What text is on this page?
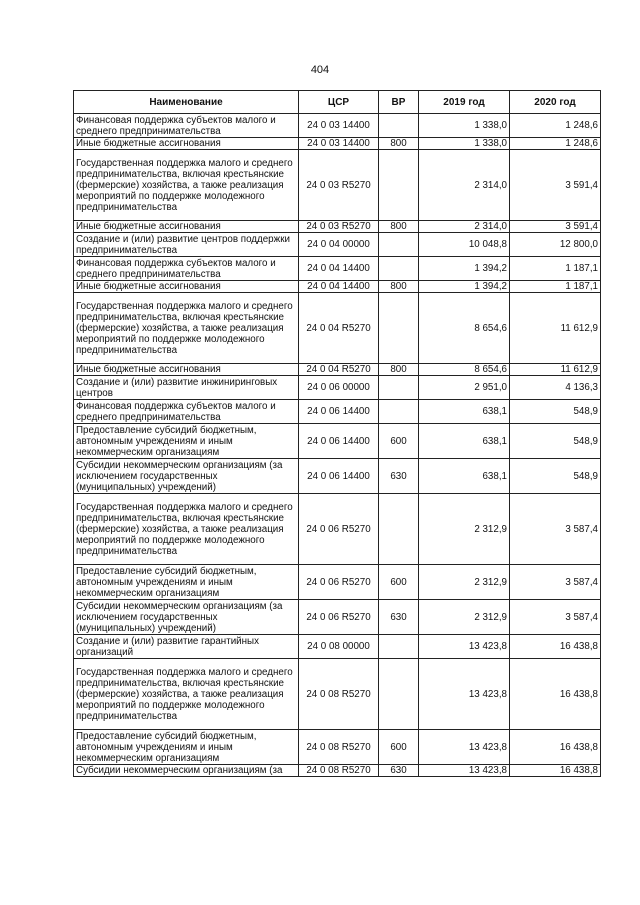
404
Наименование	ЦСР	ВР	2019 год	2020 год
Финансовая поддержка субъектов малого и среднего предпринимательства	24 0 03 14400		1 338,0	1 248,6
Иные бюджетные ассигнования	24 0 03 14400	800	1 338,0	1 248,6
Государственная поддержка малого и среднего предпринимательства, включая крестьянские (фермерские) хозяйства, а также реализация мероприятий по поддержке молодежного предпринимательства	24 0 03 R5270		2 314,0	3 591,4
Иные бюджетные ассигнования	24 0 03 R5270	800	2 314,0	3 591,4
Создание и (или) развитие центров поддержки предпринимательства	24 0 04 00000		10 048,8	12 800,0
Финансовая поддержка субъектов малого и среднего предпринимательства	24 0 04 14400		1 394,2	1 187,1
Иные бюджетные ассигнования	24 0 04 14400	800	1 394,2	1 187,1
Государственная поддержка малого и среднего предпринимательства, включая крестьянские (фермерские) хозяйства, а также реализация мероприятий по поддержке молодежного предпринимательства	24 0 04 R5270		8 654,6	11 612,9
Иные бюджетные ассигнования	24 0 04 R5270	800	8 654,6	11 612,9
Создание и (или) развитие инжиниринговых центров	24 0 06 00000		2 951,0	4 136,3
Финансовая поддержка субъектов малого и среднего предпринимательства	24 0 06 14400		638,1	548,9
Предоставление субсидий бюджетным, автономным учреждениям и иным некоммерческим организациям	24 0 06 14400	600	638,1	548,9
Субсидии некоммерческим организациям (за исключением государственных (муниципальных) учреждений)	24 0 06 14400	630	638,1	548,9
Государственная поддержка малого и среднего предпринимательства, включая крестьянские (фермерские) хозяйства, а также реализация мероприятий по поддержке молодежного предпринимательства	24 0 06 R5270		2 312,9	3 587,4
Предоставление субсидий бюджетным, автономным учреждениям и иным некоммерческим организациям	24 0 06 R5270	600	2 312,9	3 587,4
Субсидии некоммерческим организациям (за исключением государственных (муниципальных) учреждений)	24 0 06 R5270	630	2 312,9	3 587,4
Создание и (или) развитие гарантийных организаций	24 0 08 00000		13 423,8	16 438,8
Государственная поддержка малого и среднего предпринимательства, включая крестьянские (фермерские) хозяйства, а также реализация мероприятий по поддержке молодежного предпринимательства	24 0 08 R5270		13 423,8	16 438,8
Предоставление субсидий бюджетным, автономным учреждениям и иным некоммерческим организациям	24 0 08 R5270	600	13 423,8	16 438,8
Субсидии некоммерческим организациям (за	24 0 08 R5270	630	13 423,8	16 438,8
